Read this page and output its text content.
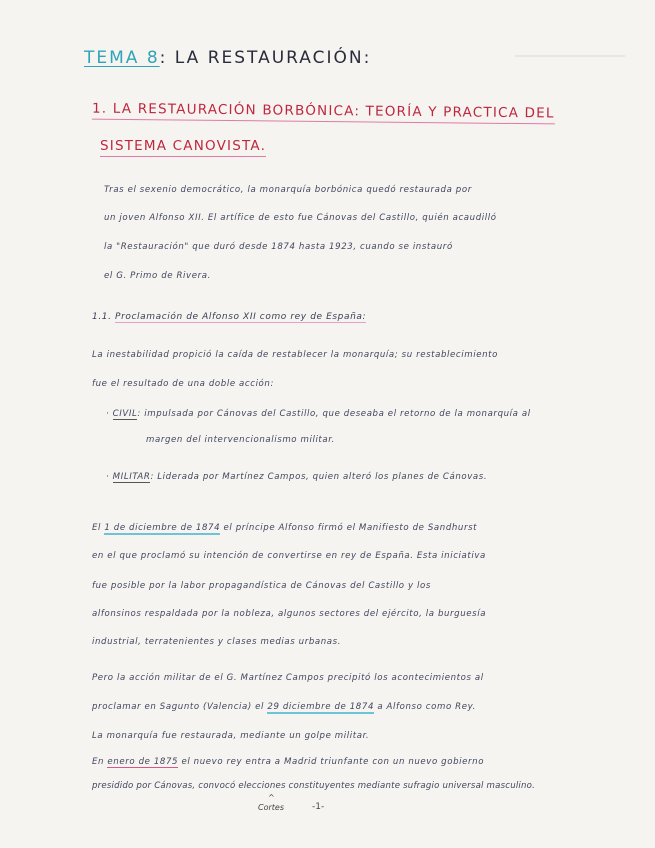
TEMA 8: LA RESTAURACIÓN:
1. LA RESTAURACIÓN BORBÓNICA: TEORÍA Y PRACTICA DEL
SISTEMA CANOVISTA.
Tras el sexenio democrático, la monarquía borbónica quedó restaurada por
un joven Alfonso XII. El artífice de esto fue Cánovas del Castillo, quién acaudilló
la "Restauración" que duró desde 1874 hasta 1923, cuando se instauró
el G. Primo de Rivera.
1.1. Proclamación de Alfonso XII como rey de España:
La inestabilidad propició la caída de restablecer la monarquía; su restablecimiento
fue el resultado de una doble acción:
· CIVIL: impulsada por Cánovas del Castillo, que deseaba el retorno de la monarquía al
margen del intervencionalismo militar.
· MILITAR: Liderada por Martínez Campos, quien alteró los planes de Cánovas.
El 1 de diciembre de 1874 el príncipe Alfonso firmó el Manifiesto de Sandhurst
en el que proclamó su intención de convertirse en rey de España. Esta iniciativa
fue posible por la labor propagandística de Cánovas del Castillo y los
alfonsinos respaldada por la nobleza, algunos sectores del ejército, la burguesía
industrial, terratenientes y clases medias urbanas.
Pero la acción militar de el G. Martínez Campos precipitó los acontecimientos al
proclamar en Sagunto (Valencia) el 29 diciembre de 1874 a Alfonso como Rey.
La monarquía fue restaurada, mediante un golpe militar.
En enero de 1875 el nuevo rey entra a Madrid triunfante con un nuevo gobierno
presidido por Cánovas, convocó elecciones constituyentes mediante sufragio universal masculino.
^
Cortes	-1-
